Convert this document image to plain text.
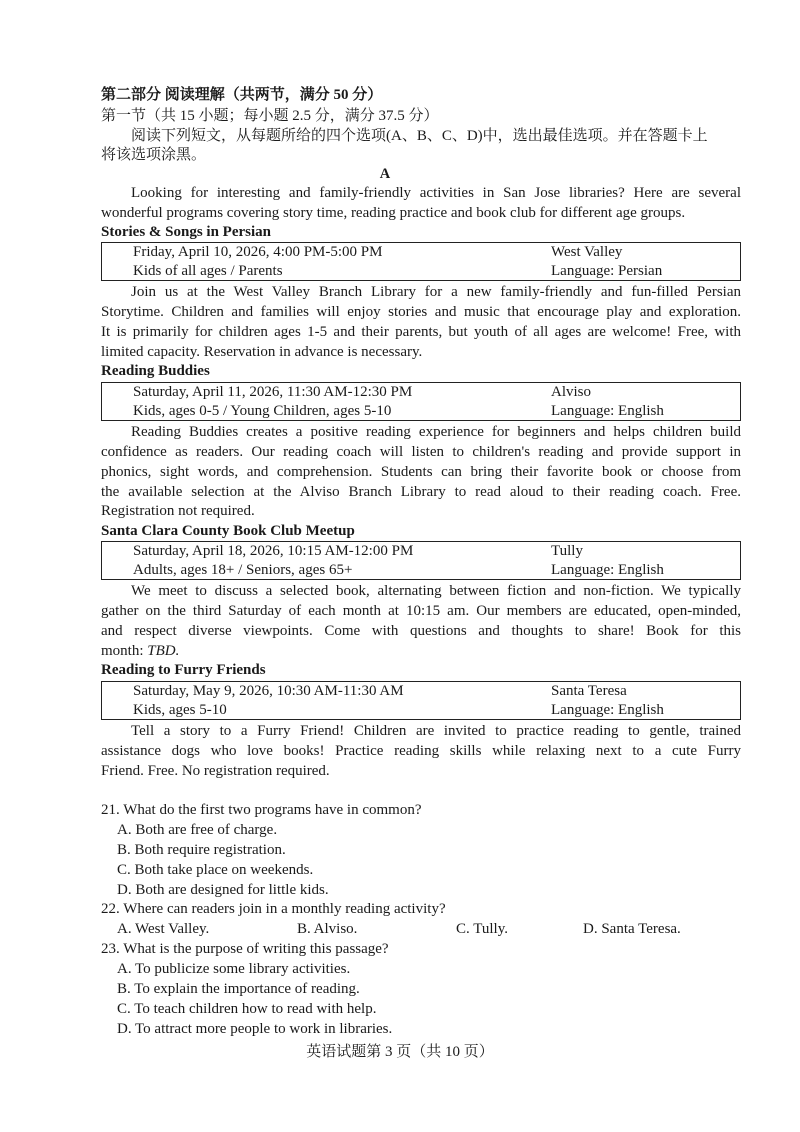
第二部分 阅读理解（共两节，满分 50 分）
第一节（共 15 小题；每小题 2.5 分，满分 37.5 分）
阅读下列短文，从每题所给的四个选项(A、B、C、D)中，选出最佳选项。并在答题卡上
将该选项涂黑。
A
Looking for interesting and family-friendly activities in San Jose libraries? Here are several
wonderful programs covering story time, reading practice and book club for different age groups.
Stories & Songs in Persian
Friday, April 10, 2026, 4:00 PM-5:00 PM	West Valley
Kids of all ages / Parents	Language: Persian
Join us at the West Valley Branch Library for a new family-friendly and fun-filled Persian
Storytime. Children and families will enjoy stories and music that encourage play and exploration.
It is primarily for children ages 1-5 and their parents, but youth of all ages are welcome! Free, with
limited capacity. Reservation in advance is necessary.
Reading Buddies
Saturday, April 11, 2026, 11:30 AM-12:30 PM	Alviso
Kids, ages 0-5 / Young Children, ages 5-10	Language: English
Reading Buddies creates a positive reading experience for beginners and helps children build
confidence as readers. Our reading coach will listen to children's reading and provide support in
phonics, sight words, and comprehension. Students can bring their favorite book or choose from
the available selection at the Alviso Branch Library to read aloud to their reading coach. Free.
Registration not required.
Santa Clara County Book Club Meetup
Saturday, April 18, 2026, 10:15 AM-12:00 PM	Tully
Adults, ages 18+ / Seniors, ages 65+	Language: English
We meet to discuss a selected book, alternating between fiction and non-fiction. We typically
gather on the third Saturday of each month at 10:15 am. Our members are educated, open-minded,
and respect diverse viewpoints. Come with questions and thoughts to share! Book for this
month: TBD.
Reading to Furry Friends
Saturday, May 9, 2026, 10:30 AM-11:30 AM	Santa Teresa
Kids, ages 5-10	Language: English
Tell a story to a Furry Friend! Children are invited to practice reading to gentle, trained
assistance dogs who love books! Practice reading skills while relaxing next to a cute Furry
Friend. Free. No registration required.
21. What do the first two programs have in common?
A. Both are free of charge.
B. Both require registration.
C. Both take place on weekends.
D. Both are designed for little kids.
22. Where can readers join in a monthly reading activity?
A. West Valley.	B. Alviso.	C. Tully.	D. Santa Teresa.
23. What is the purpose of writing this passage?
A. To publicize some library activities.
B. To explain the importance of reading.
C. To teach children how to read with help.
D. To attract more people to work in libraries.
英语试题第 3 页（共 10 页）
